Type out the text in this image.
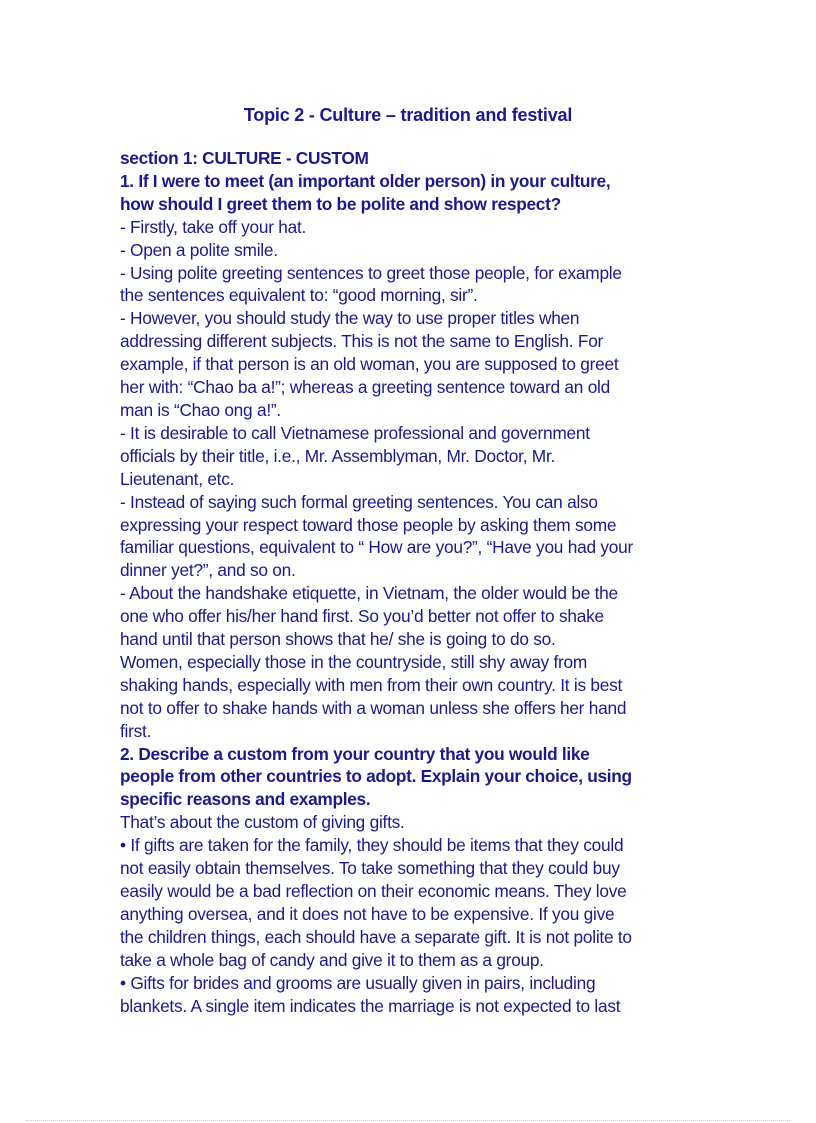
Topic 2 - Culture – tradition and festival
section 1: CULTURE - CUSTOM
1. If I were to meet (an important older person) in your culture,
how should I greet them to be polite and show respect?
- Firstly, take off your hat.
- Open a polite smile.
- Using polite greeting sentences to greet those people, for example
the sentences equivalent to: “good morning, sir”.
- However, you should study the way to use proper titles when
addressing different subjects. This is not the same to English. For
example, if that person is an old woman, you are supposed to greet
her with: “Chao ba a!”; whereas a greeting sentence toward an old
man is “Chao ong a!”.
- It is desirable to call Vietnamese professional and government
officials by their title, i.e., Mr. Assemblyman, Mr. Doctor, Mr.
Lieutenant, etc.
- Instead of saying such formal greeting sentences. You can also
expressing your respect toward those people by asking them some
familiar questions, equivalent to “ How are you?”, “Have you had your
dinner yet?”, and so on.
- About the handshake etiquette, in Vietnam, the older would be the
one who offer his/her hand first. So you’d better not offer to shake
hand until that person shows that he/ she is going to do so.
Women, especially those in the countryside, still shy away from
shaking hands, especially with men from their own country. It is best
not to offer to shake hands with a woman unless she offers her hand
first.
2. Describe a custom from your country that you would like
people from other countries to adopt. Explain your choice, using
specific reasons and examples.
That’s about the custom of giving gifts.
• If gifts are taken for the family, they should be items that they could
not easily obtain themselves. To take something that they could buy
easily would be a bad reflection on their economic means. They love
anything oversea, and it does not have to be expensive. If you give
the children things, each should have a separate gift. It is not polite to
take a whole bag of candy and give it to them as a group.
• Gifts for brides and grooms are usually given in pairs, including
blankets. A single item indicates the marriage is not expected to last
